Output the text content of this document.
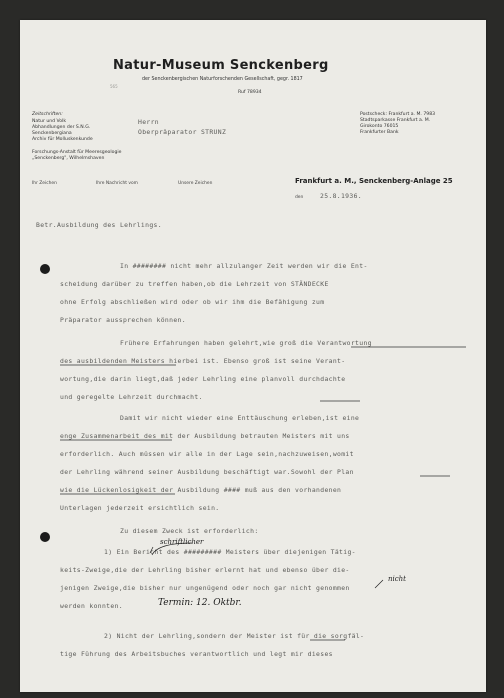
Natur-Museum Senckenberg
der Senckenbergischen Naturforschenden Gesellschaft, gegr. 1817
Ruf 78934
565
Zeitschriften:
Natur und Volk
Abhandlungen der S.N.G.
Senckenbergiana
Archiv für Molluskenkunde
Forschungs-Anstalt für Meeresgeologie
„Senckenberg", Wilhelmshaven
Postscheck: Frankfurt a. M. 7983
Stadtsparkasse Frankfurt a. M.
Girokonto 76015
Frankfurter Bank
Herrn
Oberpräparator STRUNZ
Ihr Zeichen	Ihre Nachricht vom	Unsere Zeichen	Frankfurt a. M., Senckenberg-Anlage 25
den	25.8.1936.
Betr.Ausbildung des Lehrlings.
In ######## nicht mehr allzulanger Zeit werden wir die Ent-
scheidung darüber zu treffen haben,ob die Lehrzeit von STÄNDECKE
ohne Erfolg abschließen wird oder ob wir ihm die Befähigung zum
Präparator aussprechen können.
Frühere Erfahrungen haben gelehrt,wie groß die Verantwortung
des ausbildenden Meisters hierbei ist. Ebenso groß ist seine Verant-
wortung,die darin liegt,daß jeder Lehrling eine planvoll durchdachte
und geregelte Lehrzeit durchmacht.
Damit wir nicht wieder eine Enttäuschung erleben,ist eine
enge Zusammenarbeit des mit der Ausbildung betrauten Meisters mit uns
erforderlich. Auch müssen wir alle in der Lage sein,nachzuweisen,womit
der Lehrling während seiner Ausbildung beschäftigt war.Sowohl der Plan
wie die Lückenlosigkeit der Ausbildung #### muß aus den vorhandenen
Unterlagen jederzeit ersichtlich sein.
Zu diesem Zweck ist erforderlich:
schriftlicher
1) Ein Bericht des ######### Meisters über diejenigen Tätig-
keits-Zweige,die der Lehrling bisher erlernt hat und ebenso über die-
jenigen Zweige,die bisher nur ungenügend oder noch gar nicht genommen
nicht
werden konnten.	Termin: 12. Oktbr.
2) Nicht der Lehrling,sondern der Meister ist für die sorgfäl-
tige Führung des Arbeitsbuches verantwortlich und legt mir dieses
